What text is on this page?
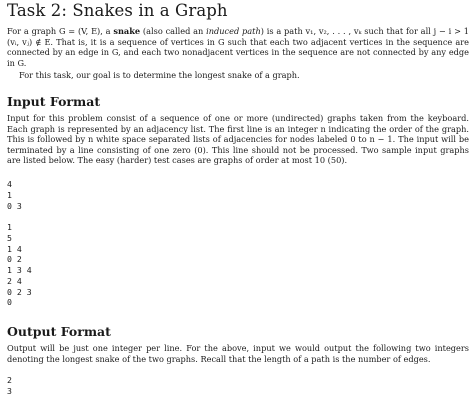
Task 2: Snakes in a Graph
For a graph G = (V, E), a snake (also called an induced path) is a path v₁, v₂, . . . , vₖ such that for all j − i > 1 (vᵢ, vⱼ) ∉ E. That is, it is a sequence of vertices in G such that each two adjacent vertices in the sequence are connected by an edge in G, and each two nonadjacent vertices in the sequence are not connected by any edge in G.
For this task, our goal is to determine the longest snake of a graph.
Input Format
Input for this problem consist of a sequence of one or more (undirected) graphs taken from the keyboard. Each graph is represented by an adjacency list. The first line is an integer n indicating the order of the graph. This is followed by n white space separated lists of adjacencies for nodes labeled 0 to n − 1. The input will be terminated by a line consisting of one zero (0). This line should not be processed. Two sample input graphs are listed below. The easy (harder) test cases are graphs of order at most 10 (50).
4
1
0 3

1
5
1 4
0 2
1 3 4
2 4
0 2 3
0
Output Format
Output will be just one integer per line. For the above, input we would output the following two integers denoting the longest snake of the two graphs. Recall that the length of a path is the number of edges.
2
3
